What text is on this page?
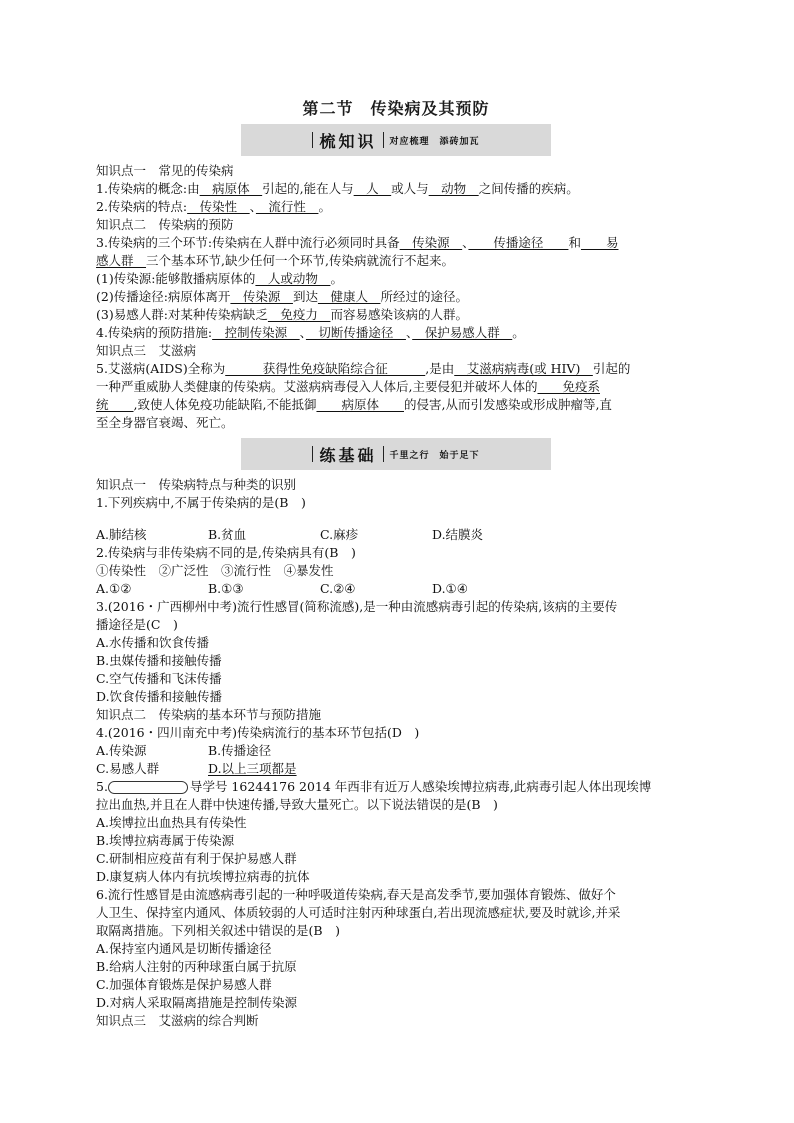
第二节　传染病及其预防
梳知识 对应梳理　添砖加瓦
知识点一　常见的传染病
1.传染病的概念:由　病原体　引起的,能在人与　人　或人与　动物　之间传播的疾病。
2.传染病的特点:　传染性　、　流行性　。
知识点二　传染病的预防
3.传染病的三个环节:传染病在人群中流行必须同时具备　传染源　、　　传播途径　　和　　易
感人群　三个基本环节,缺少任何一个环节,传染病就流行不起来。
(1)传染源:能够散播病原体的　人或动物　。
(2)传播途径:病原体离开　传染源　到达　健康人　所经过的途径。
(3)易感人群:对某种传染病缺乏　免疫力　而容易感染该病的人群。
4.传染病的预防措施:　控制传染源　、　切断传播途径　、　保护易感人群　。
知识点三　艾滋病
5.艾滋病(AIDS)全称为　　　获得性免疫缺陷综合征　　　,是由　艾滋病病毒(或 HIV)　引起的
一种严重威胁人类健康的传染病。艾滋病病毒侵入人体后,主要侵犯并破坏人体的　　免疫系
统　　,致使人体免疫功能缺陷,不能抵御　　病原体　　的侵害,从而引发感染或形成肿瘤等,直
至全身器官衰竭、死亡。
练基础 千里之行　始于足下
知识点一　传染病特点与种类的识别
1.下列疾病中,不属于传染病的是(B　)
A.肺结核	B.贫血	C.麻疹	D.结膜炎
2.传染病与非传染病不同的是,传染病具有(B　)
①传染性　②广泛性　③流行性　④暴发性
A.①②	B.①③	C.②④	D.①④
3.(2016・广西柳州中考)流行性感冒(简称流感),是一种由流感病毒引起的传染病,该病的主要传
播途径是(C　)
A.水传播和饮食传播
B.虫媒传播和接触传播
C.空气传播和飞沫传播
D.饮食传播和接触传播
知识点二　传染病的基本环节与预防措施
4.(2016・四川南充中考)传染病流行的基本环节包括(D　)
A.传染源	B.传播途径
C.易感人群	D.以上三项都是
5.	导学号 16244176 2014 年西非有近万人感染埃博拉病毒,此病毒引起人体出现埃博
拉出血热,并且在人群中快速传播,导致大量死亡。以下说法错误的是(B　)
A.埃博拉出血热具有传染性
B.埃博拉病毒属于传染源
C.研制相应疫苗有利于保护易感人群
D.康复病人体内有抗埃博拉病毒的抗体
6.流行性感冒是由流感病毒引起的一种呼吸道传染病,春天是高发季节,要加强体育锻炼、做好个
人卫生、保持室内通风、体质较弱的人可适时注射丙种球蛋白,若出现流感症状,要及时就诊,并采
取隔离措施。下列相关叙述中错误的是(B　)
A.保持室内通风是切断传播途径
B.给病人注射的丙种球蛋白属于抗原
C.加强体育锻炼是保护易感人群
D.对病人采取隔离措施是控制传染源
知识点三　艾滋病的综合判断
